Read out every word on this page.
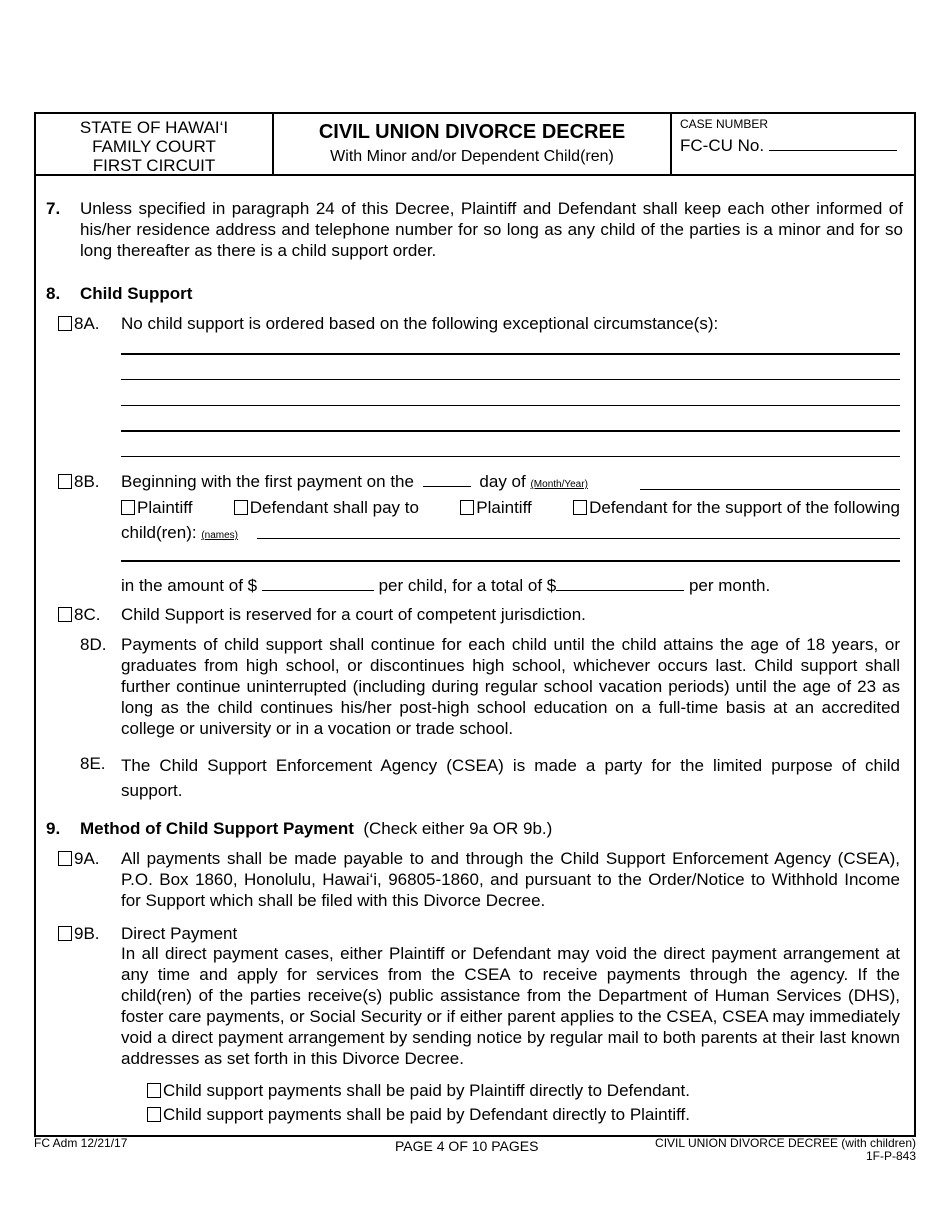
STATE OF HAWAI‘I
FAMILY COURT
FIRST CIRCUIT
CIVIL UNION DIVORCE DECREE
With Minor and/or Dependent Child(ren)
CASE NUMBER
FC-CU No.
7. Unless specified in paragraph 24 of this Decree, Plaintiff and Defendant shall keep each other informed of his/her residence address and telephone number for so long as any child of the parties is a minor and for so long thereafter as there is a child support order.
8. Child Support
8A. No child support is ordered based on the following exceptional circumstance(s):
8B. Beginning with the first payment on the	day of (Month/Year)
Plaintiff	Defendant shall pay to	Plaintiff	Defendant for the support of the following
child(ren): (names)
in the amount of $	per child, for a total of $	per month.
8C. Child Support is reserved for a court of competent jurisdiction.
8D. Payments of child support shall continue for each child until the child attains the age of 18 years, or graduates from high school, or discontinues high school, whichever occurs last. Child support shall further continue uninterrupted (including during regular school vacation periods) until the age of 23 as long as the child continues his/her post-high school education on a full-time basis at an accredited college or university or in a vocation or trade school.
8E. The Child Support Enforcement Agency (CSEA) is made a party for the limited purpose of child support.
9. Method of Child Support Payment (Check either 9a OR 9b.)
9A. All payments shall be made payable to and through the Child Support Enforcement Agency (CSEA), P.O. Box 1860, Honolulu, Hawai‘i, 96805-1860, and pursuant to the Order/Notice to Withhold Income for Support which shall be filed with this Divorce Decree.
9B. Direct Payment
In all direct payment cases, either Plaintiff or Defendant may void the direct payment arrangement at any time and apply for services from the CSEA to receive payments through the agency. If the child(ren) of the parties receive(s) public assistance from the Department of Human Services (DHS), foster care payments, or Social Security or if either parent applies to the CSEA, CSEA may immediately void a direct payment arrangement by sending notice by regular mail to both parents at their last known addresses as set forth in this Divorce Decree.
Child support payments shall be paid by Plaintiff directly to Defendant.
Child support payments shall be paid by Defendant directly to Plaintiff.
FC Adm 12/21/17	PAGE 4 OF 10 PAGES	CIVIL UNION DIVORCE DECREE (with children)
1F-P-843
